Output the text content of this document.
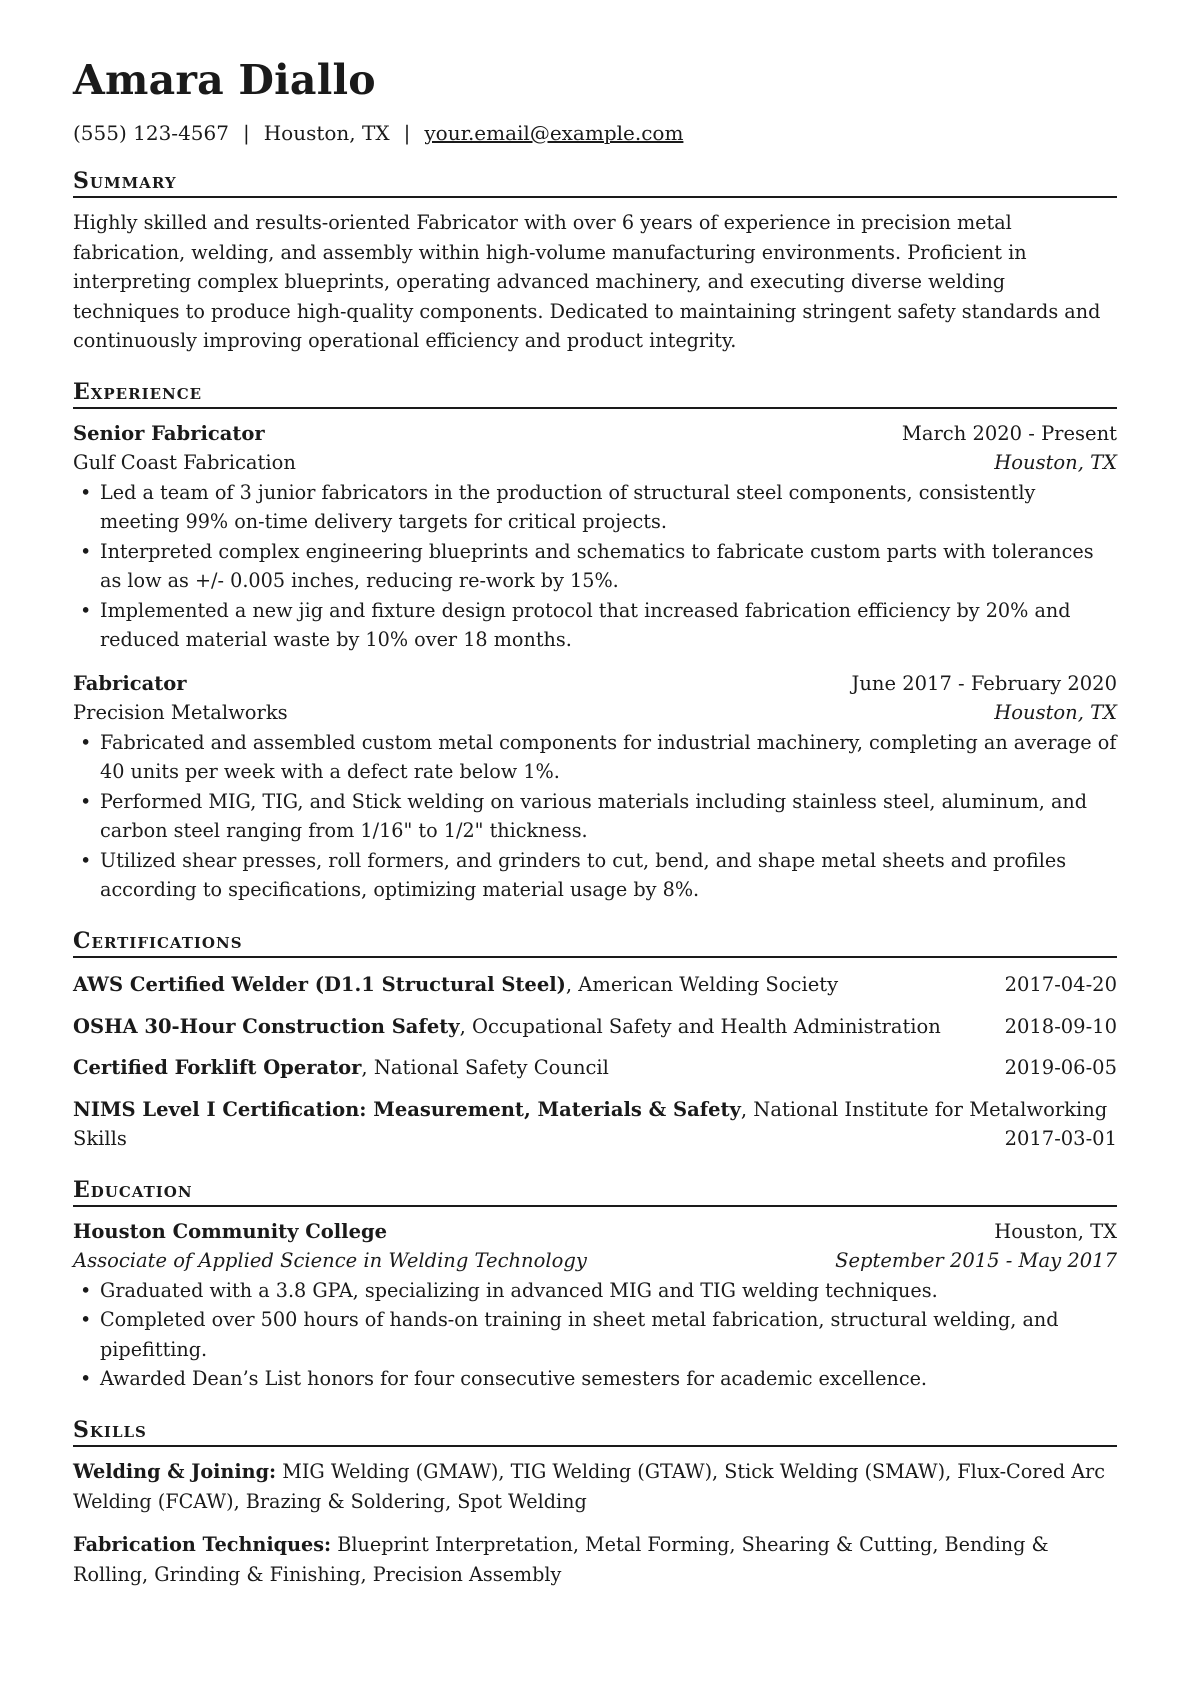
Amara Diallo
(555) 123-4567 | Houston, TX | your.email@example.com
Summary
Highly skilled and results-oriented Fabricator with over 6 years of experience in precision metal fabrication, welding, and assembly within high-volume manufacturing environments. Proficient in interpreting complex blueprints, operating advanced machinery, and executing diverse welding techniques to produce high-quality components. Dedicated to maintaining stringent safety standards and continuously improving operational efficiency and product integrity.
Experience
Senior Fabricator	March 2020 - Present
Gulf Coast Fabrication	Houston, TX
• Led a team of 3 junior fabricators in the production of structural steel components, consistently meeting 99% on-time delivery targets for critical projects.
• Interpreted complex engineering blueprints and schematics to fabricate custom parts with tolerances as low as +/- 0.005 inches, reducing re-work by 15%.
• Implemented a new jig and fixture design protocol that increased fabrication efficiency by 20% and reduced material waste by 10% over 18 months.
Fabricator	June 2017 - February 2020
Precision Metalworks	Houston, TX
• Fabricated and assembled custom metal components for industrial machinery, completing an average of 40 units per week with a defect rate below 1%.
• Performed MIG, TIG, and Stick welding on various materials including stainless steel, aluminum, and carbon steel ranging from 1/16" to 1/2" thickness.
• Utilized shear presses, roll formers, and grinders to cut, bend, and shape metal sheets and profiles according to specifications, optimizing material usage by 8%.
Certifications
AWS Certified Welder (D1.1 Structural Steel), American Welding Society	2017-04-20
OSHA 30-Hour Construction Safety, Occupational Safety and Health Administration	2018-09-10
Certified Forklift Operator, National Safety Council	2019-06-05
NIMS Level I Certification: Measurement, Materials & Safety, National Institute for Metalworking Skills	2017-03-01
Education
Houston Community College	Houston, TX
Associate of Applied Science in Welding Technology	September 2015 - May 2017
• Graduated with a 3.8 GPA, specializing in advanced MIG and TIG welding techniques.
• Completed over 500 hours of hands-on training in sheet metal fabrication, structural welding, and pipefitting.
• Awarded Dean’s List honors for four consecutive semesters for academic excellence.
Skills
Welding & Joining: MIG Welding (GMAW), TIG Welding (GTAW), Stick Welding (SMAW), Flux-Cored Arc Welding (FCAW), Brazing & Soldering, Spot Welding
Fabrication Techniques: Blueprint Interpretation, Metal Forming, Shearing & Cutting, Bending & Rolling, Grinding & Finishing, Precision Assembly
